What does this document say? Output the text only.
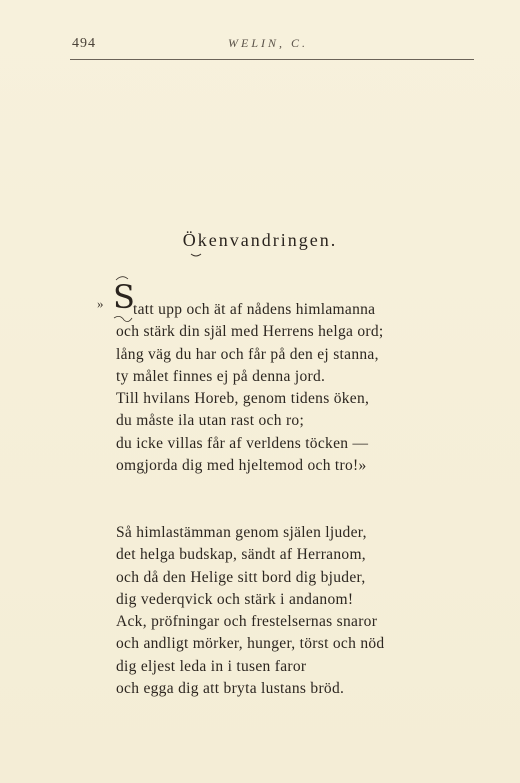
494	WELIN, C.
Ökenvandringen.
» S
tatt upp och ät af nådens himlamanna
och stärk din själ med Herrens helga ord;
lång väg du har och får på den ej stanna,
ty målet finnes ej på denna jord.
Till hvilans Horeb, genom tidens öken,
du måste ila utan rast och ro;
du icke villas får af verldens töcken —
omgjorda dig med hjeltemod och tro!»
Så himlastämman genom själen ljuder,
det helga budskap, sändt af Herranom,
och då den Helige sitt bord dig bjuder,
dig vederqvick och stärk i andanom!
Ack, pröfningar och frestelsernas snaror
och andligt mörker, hunger, törst och nöd
dig eljest leda in i tusen faror
och egga dig att bryta lustans bröd.
